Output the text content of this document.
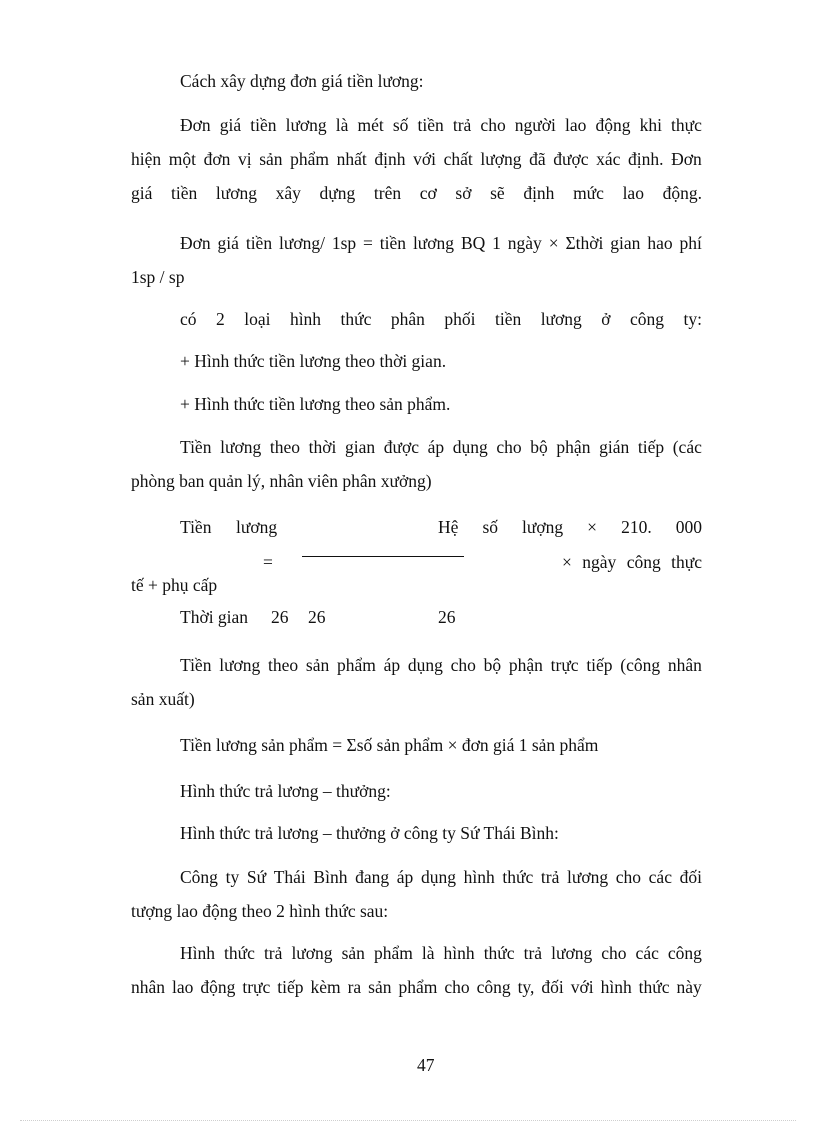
Cách xây dựng đơn giá tiền lương:
Đơn giá tiền lương là mét số tiền trả cho người lao động khi thực
hiện một đơn vị sản phẩm nhất định với chất lượng đã được xác định. Đơn
giá tiền lương xây dựng trên cơ sở sẽ định mức lao động.
Đơn giá tiền lương/ 1sp = tiền lương BQ 1 ngày × Σthời gian hao phí
1sp / sp
có 2 loại hình thức phân phối tiền lương ở công ty:
+ Hình thức tiền lương theo thời gian.
+ Hình thức tiền lương theo sản phẩm.
Tiền lương theo thời gian được áp dụng cho bộ phận gián tiếp (các
phòng ban quản lý, nhân viên phân xưởng)
Tiền lương	Hệ số lượng × 210. 000
=	× ngày công thực
tế + phụ cấp
Thời gian 26 26	26
Tiền lương theo sản phẩm áp dụng cho bộ phận trực tiếp (công nhân
sản xuất)
Tiền lương sản phẩm = Σsố sản phẩm × đơn giá 1 sản phẩm
Hình thức trả lương – thưởng:
Hình thức trả lương – thưởng ở công ty Sứ Thái Bình:
Công ty Sứ Thái Bình đang áp dụng hình thức trả lương cho các đối
tượng lao động theo 2 hình thức sau:
Hình thức trả lương sản phẩm là hình thức trả lương cho các công
nhân lao động trực tiếp kèm ra sản phẩm cho công ty, đối với hình thức này
47
